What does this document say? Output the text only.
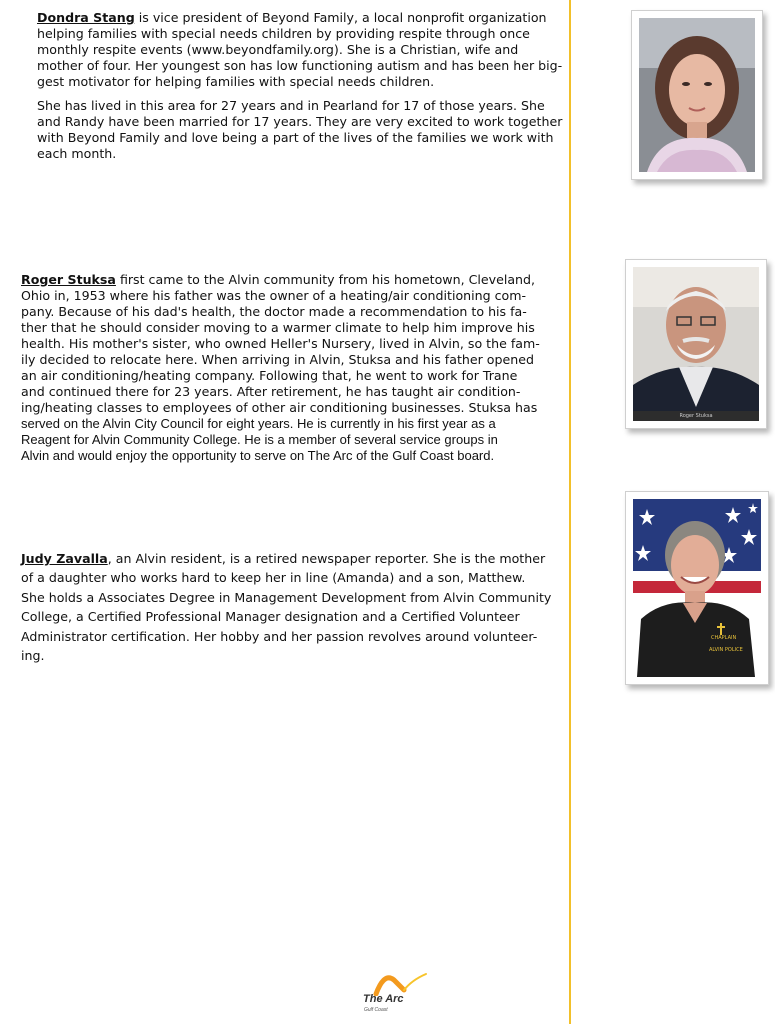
Dondra Stang is vice president of Beyond Family, a local nonprofit organization
helping families with special needs children by providing respite through once
monthly respite events (www.beyondfamily.org). She is a Christian, wife and
mother of four. Her youngest son has low functioning autism and has been her big-
gest motivator for helping families with special needs children.

She has lived in this area for 27 years and in Pearland for 17 of those years. She
and Randy have been married for 17 years. They are very excited to work together
with Beyond Family and love being a part of the lives of the families we work with
each month.

Roger Stuksa first came to the Alvin community from his hometown, Cleveland,
Ohio in, 1953 where his father was the owner of a heating/air conditioning com-
pany. Because of his dad's health, the doctor made a recommendation to his fa-
ther that he should consider moving to a warmer climate to help him improve his
health. His mother's sister, who owned Heller's Nursery, lived in Alvin, so the fam-
ily decided to relocate here. When arriving in Alvin, Stuksa and his father opened
an air conditioning/heating company. Following that, he went to work for Trane
and continued there for 23 years. After retirement, he has taught air condition-
ing/heating classes to employees of other air conditioning businesses. Stuksa has
served on the Alvin City Council for eight years. He is currently in his first year as a
Reagent for Alvin Community College. He is a member of several service groups in
Alvin and would enjoy the opportunity to serve on The Arc of the Gulf Coast board.

Roger Stuksa

Judy Zavalla, an Alvin resident, is a retired newspaper reporter. She is the mother
of a daughter who works hard to keep her in line (Amanda) and a son, Matthew.
She holds a Associates Degree in Management Development from Alvin Community
College, a Certified Professional Manager designation and a Certified Volunteer
Administrator certification. Her hobby and her passion revolves around volunteer-
ing.

CHAPLAIN
ALVIN POLICE
The Arc
Gulf Coast
